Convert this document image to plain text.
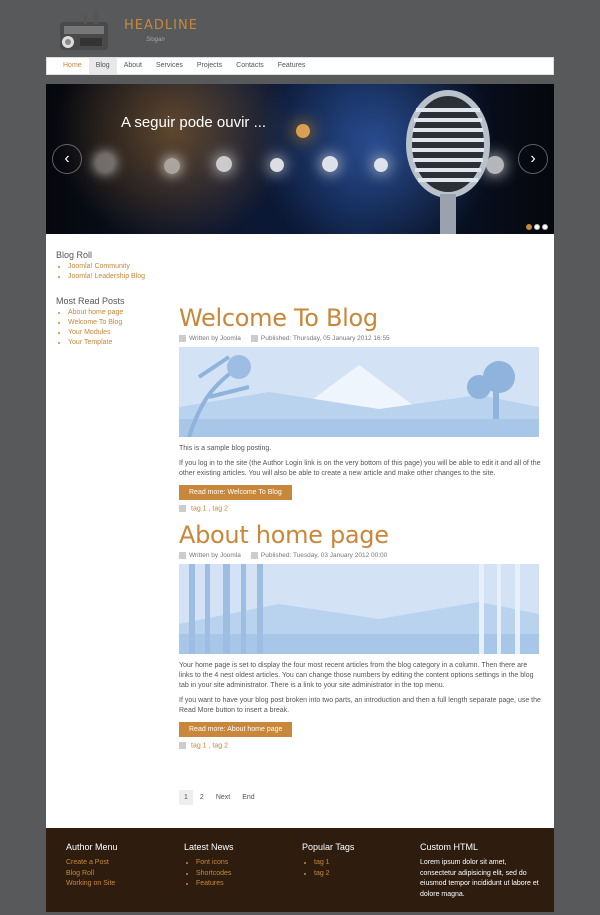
HEADLINE
Slogan
Home	Blog	About	Services	Projects	Contacts	Features
A seguir pode ouvir ...
‹	›
Blog Roll
• Joomla! Community
• Joomla! Leadership Blog
Most Read Posts
• About home page
• Welcome To Blog
• Your Modules
• Your Template
Welcome To Blog
Written by Joomla	Published: Thursday, 05 January 2012 16:55

This is a sample blog posting.

If you log in to the site (the Author Login link is on the very bottom of this page) you will be able to edit it and all of the other existing articles. You will also be able to create a new article and make other changes to the site.

Read more: Welcome To Blog
tag 1 , tag 2
About home page
Written by Joomla	Published: Tuesday, 03 January 2012 00:00

Your home page is set to display the four most recent articles from the blog category in a column. Then there are links to the 4 nest oldest articles. You can change those numbers by editing the content options settings in the blog tab in your site administrator. There is a link to your site administrator in the top menu.

If you want to have your blog post broken into two parts, an introduction and then a full length separate page, use the Read More button to insert a break.

Read more: About home page
tag 1 , tag 2
1	2	Next	End
Author Menu
Create a Post
Blog Roll
Working on Site
Latest News
• Font icons
• Shortcodes
• Features
Popular Tags
• tag 1
• tag 2
Custom HTML

Lorem ipsum dolor sit amet, consectetur adipisicing elit, sed do eiusmod tempor incididunt ut labore et dolore magna.
